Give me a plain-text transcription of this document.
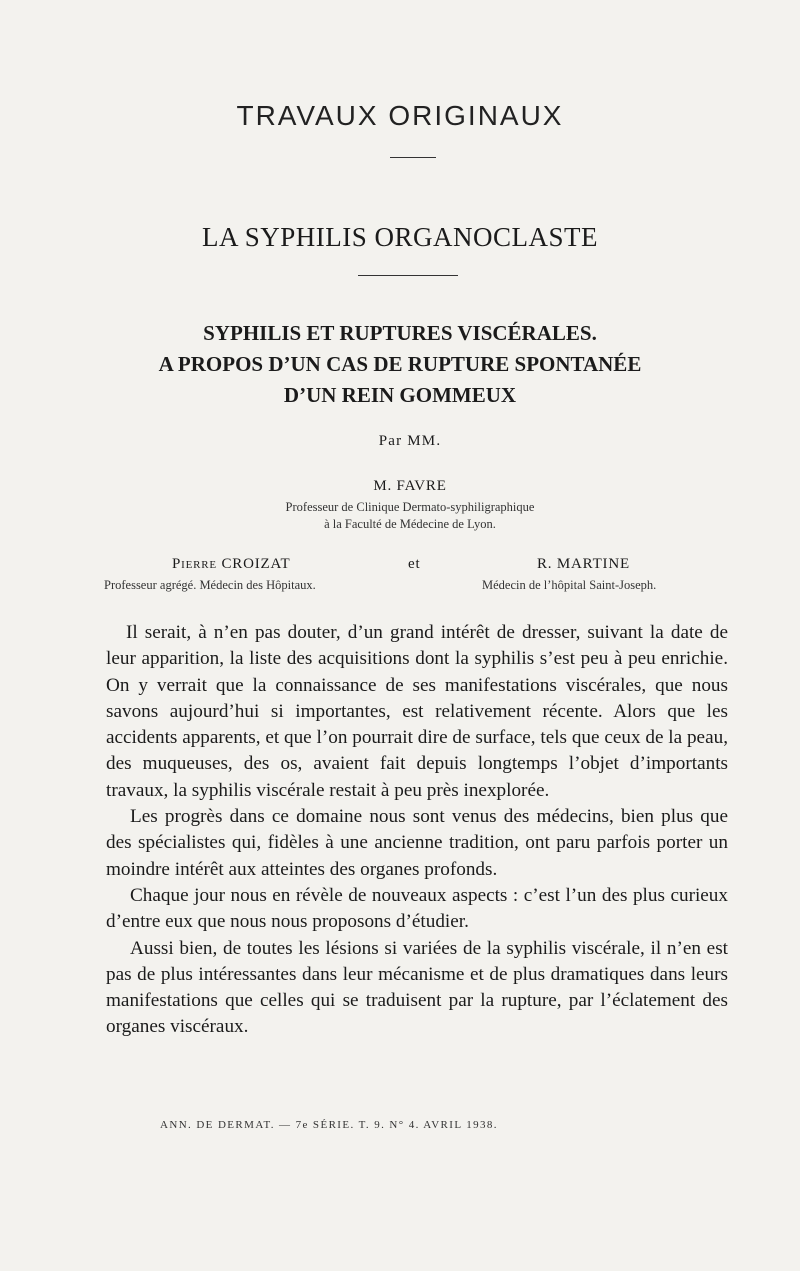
TRAVAUX ORIGINAUX
LA SYPHILIS ORGANOCLASTE
SYPHILIS ET RUPTURES VISCÉRALES.
A PROPOS D’UN CAS DE RUPTURE SPONTANÉE
D’UN REIN GOMMEUX
Par MM.
M. FAVRE
Professeur de Clinique Dermato-syphiligraphique
à la Faculté de Médecine de Lyon.
Pierre CROIZAT
Professeur agrégé. Médecin des Hôpitaux.
et	R. MARTINE
Médecin de l’hôpital Saint-Joseph.

Il serait, à n’en pas douter, d’un grand intérêt de dresser, suivant la date de leur apparition, la liste des acquisitions dont la syphilis s’est peu à peu enrichie. On y verrait que la connaissance de ses manifestations viscérales, que nous savons aujourd’hui si importantes, est relativement récente. Alors que les accidents apparents, et que l’on pourrait dire de surface, tels que ceux de la peau, des muqueuses, des os, avaient fait depuis longtemps l’objet d’importants travaux, la syphilis viscérale restait à peu près inexplorée.

Les progrès dans ce domaine nous sont venus des médecins, bien plus que des spécialistes qui, fidèles à une ancienne tradition, ont paru parfois porter un moindre intérêt aux atteintes des organes profonds.

Chaque jour nous en révèle de nouveaux aspects : c’est l’un des plus curieux d’entre eux que nous nous proposons d’étudier.

Aussi bien, de toutes les lésions si variées de la syphilis viscérale, il n’en est pas de plus intéressantes dans leur mécanisme et de plus dramatiques dans leurs manifestations que celles qui se traduisent par la rupture, par l’éclatement des organes viscéraux.

ANN. DE DERMAT. — 7e SÉRIE. T. 9. N° 4. AVRIL 1938.
